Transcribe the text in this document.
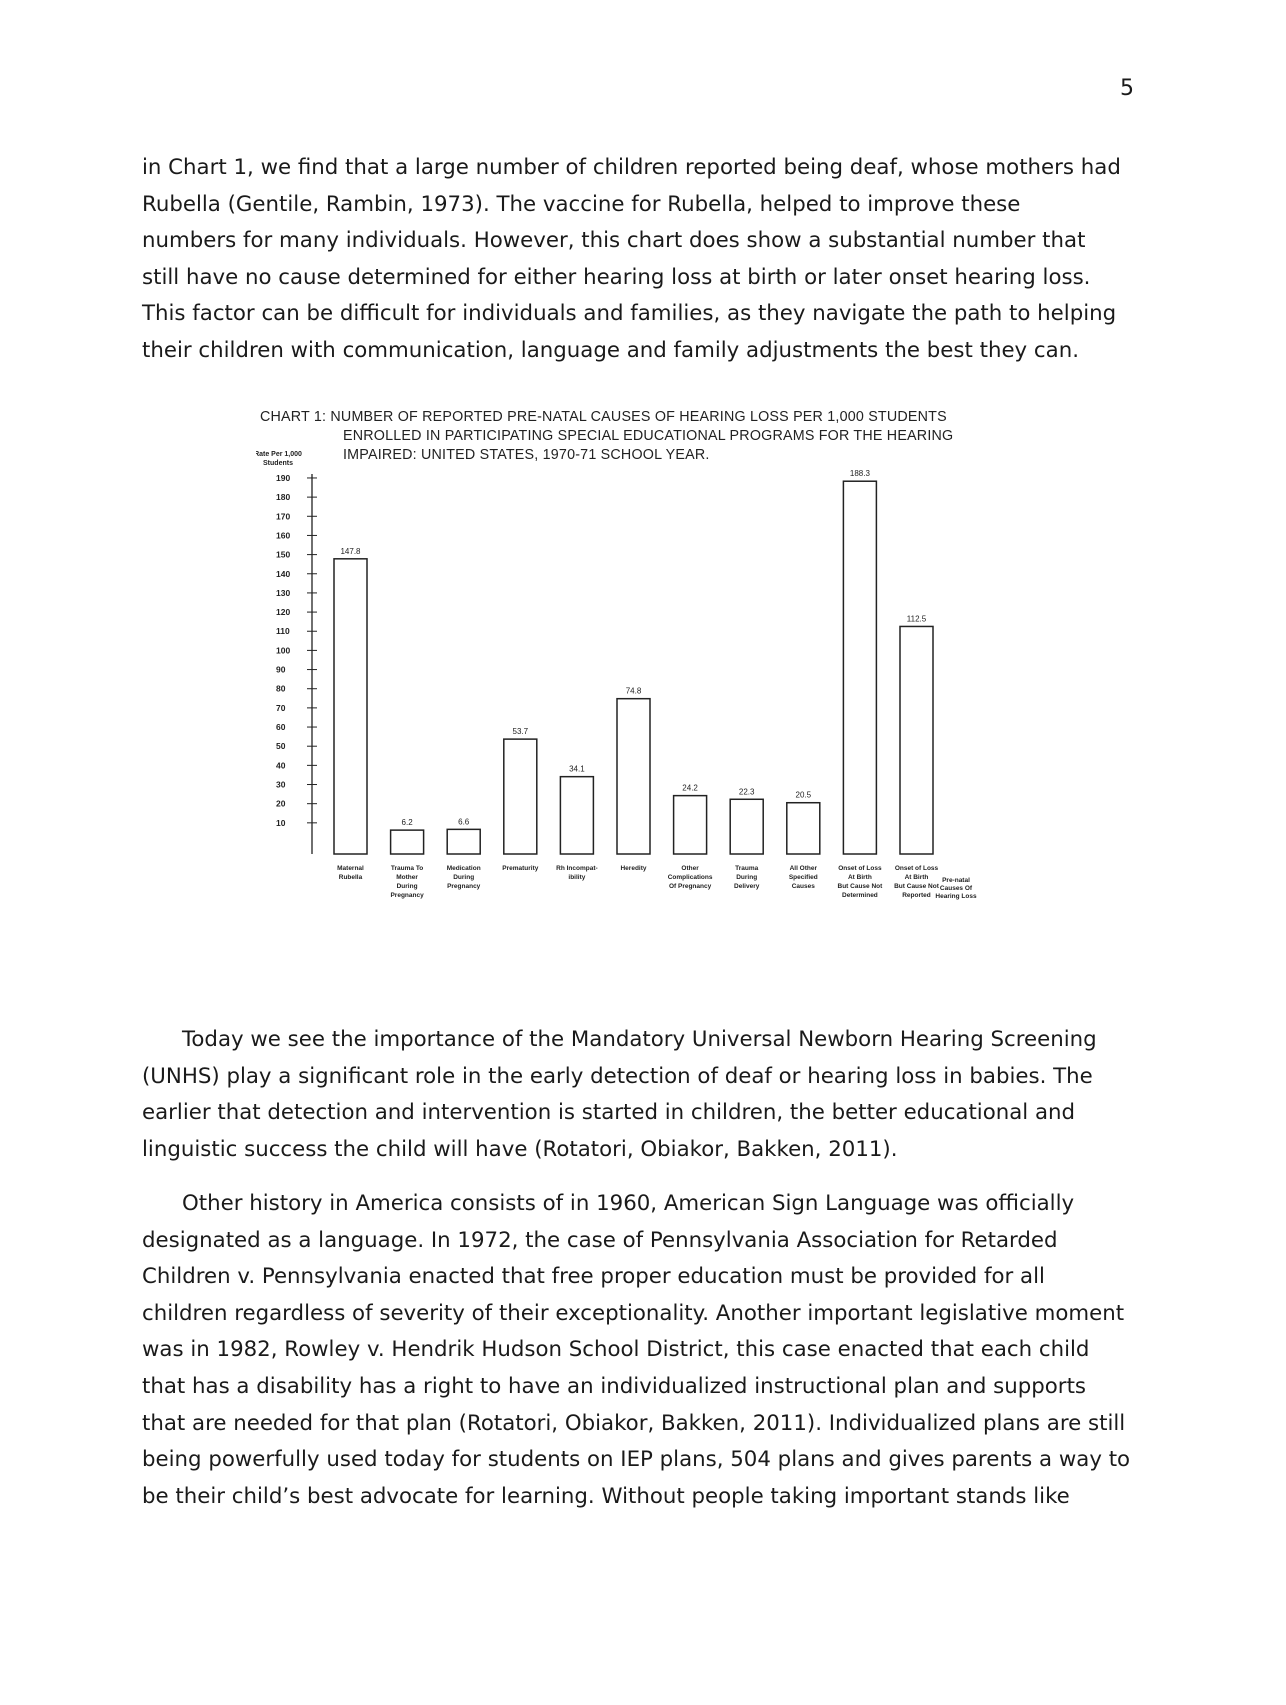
5

in Chart 1, we find that a large number of children reported being deaf, whose mothers had
Rubella (Gentile, Rambin, 1973). The vaccine for Rubella, helped to improve these
numbers for many individuals. However, this chart does show a substantial number that
still have no cause determined for either hearing loss at birth or later onset hearing loss.
This factor can be difficult for individuals and families, as they navigate the path to helping
their children with communication, language and family adjustments the best they can.

CHART 1: NUMBER OF REPORTED PRE-NATAL CAUSES OF HEARING LOSS PER 1,000 STUDENTS
ENROLLED IN PARTICIPATING SPECIAL EDUCATIONAL PROGRAMS FOR THE HEARING
IMPAIRED: UNITED STATES, 1970-71 SCHOOL YEAR.
Rate Per 1,000
Students
10
20
30
40
50
60
70
80
90
100
110
120
130
140
150
160
170
180
190
147.8
Maternal
Rubella
6.2
Trauma To
Mother
During
Pregnancy
6.6
Medication
During
Pregnancy
53.7
Prematurity
34.1
Rh Incompat-
ibility
74.8
Heredity
24.2
Other
Complications
Of Pregnancy
22.3
Trauma
During
Delivery
20.5
All Other
Specified
Causes
188.3
Onset of Loss
At Birth
But Cause Not
Determined
112.5
Onset of Loss
At Birth
But Cause Not
Reported
Pre-natal
Causes Of
Hearing Loss

Today we see the importance of the Mandatory Universal Newborn Hearing Screening
(UNHS) play a significant role in the early detection of deaf or hearing loss in babies. The
earlier that detection and intervention is started in children, the better educational and
linguistic success the child will have (Rotatori, Obiakor, Bakken, 2011).

Other history in America consists of in 1960, American Sign Language was officially
designated as a language. In 1972, the case of Pennsylvania Association for Retarded
Children v. Pennsylvania enacted that free proper education must be provided for all
children regardless of severity of their exceptionality. Another important legislative moment
was in 1982, Rowley v. Hendrik Hudson School District, this case enacted that each child
that has a disability has a right to have an individualized instructional plan and supports
that are needed for that plan (Rotatori, Obiakor, Bakken, 2011). Individualized plans are still
being powerfully used today for students on IEP plans, 504 plans and gives parents a way to
be their child’s best advocate for learning. Without people taking important stands like
